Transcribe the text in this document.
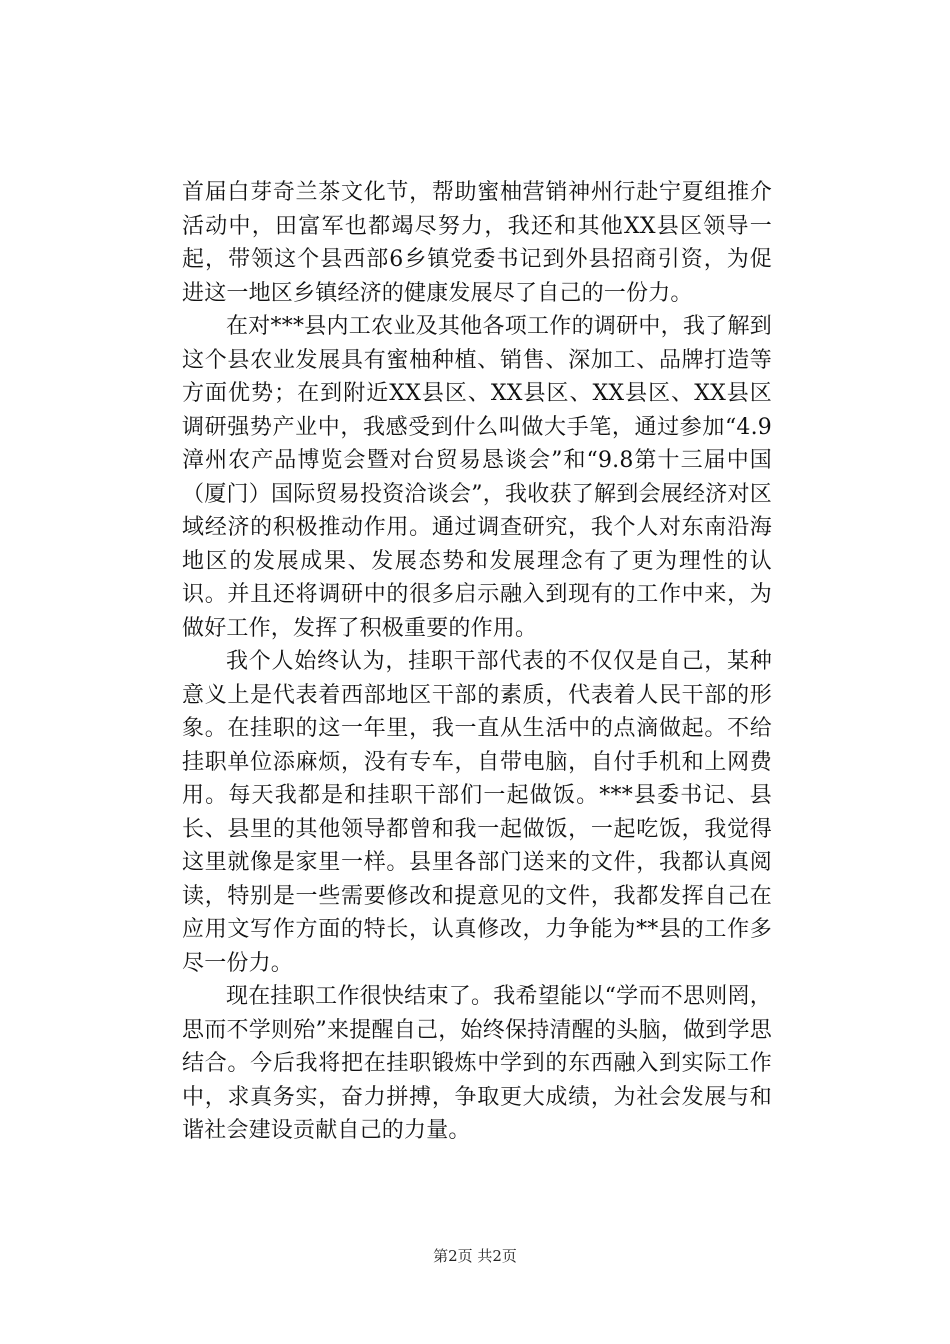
首届白芽奇兰茶文化节，帮助蜜柚营销神州行赴宁夏组推介活动中，田富军也都竭尽努力，我还和其他XX县区领导一起，带领这个县西部6乡镇党委书记到外县招商引资，为促进这一地区乡镇经济的健康发展尽了自己的一份力。

在对***县内工农业及其他各项工作的调研中，我了解到这个县农业发展具有蜜柚种植、销售、深加工、品牌打造等方面优势；在到附近XX县区、XX县区、XX县区、XX县区调研强势产业中，我感受到什么叫做大手笔，通过参加“4.9漳州农产品博览会暨对台贸易恳谈会”和“9.8第十三届中国（厦门）国际贸易投资洽谈会”，我收获了解到会展经济对区域经济的积极推动作用。通过调查研究，我个人对东南沿海地区的发展成果、发展态势和发展理念有了更为理性的认识。并且还将调研中的很多启示融入到现有的工作中来，为做好工作，发挥了积极重要的作用。

我个人始终认为，挂职干部代表的不仅仅是自己，某种意义上是代表着西部地区干部的素质，代表着人民干部的形象。在挂职的这一年里，我一直从生活中的点滴做起。不给挂职单位添麻烦，没有专车，自带电脑，自付手机和上网费用。每天我都是和挂职干部们一起做饭。***县委书记、县长、县里的其他领导都曾和我一起做饭，一起吃饭，我觉得这里就像是家里一样。县里各部门送来的文件，我都认真阅读，特别是一些需要修改和提意见的文件，我都发挥自己在应用文写作方面的特长，认真修改，力争能为**县的工作多尽一份力。

现在挂职工作很快结束了。我希望能以“学而不思则罔，思而不学则殆”来提醒自己，始终保持清醒的头脑，做到学思结合。今后我将把在挂职锻炼中学到的东西融入到实际工作中，求真务实，奋力拼搏，争取更大成绩，为社会发展与和谐社会建设贡献自己的力量。

第2页 共2页
